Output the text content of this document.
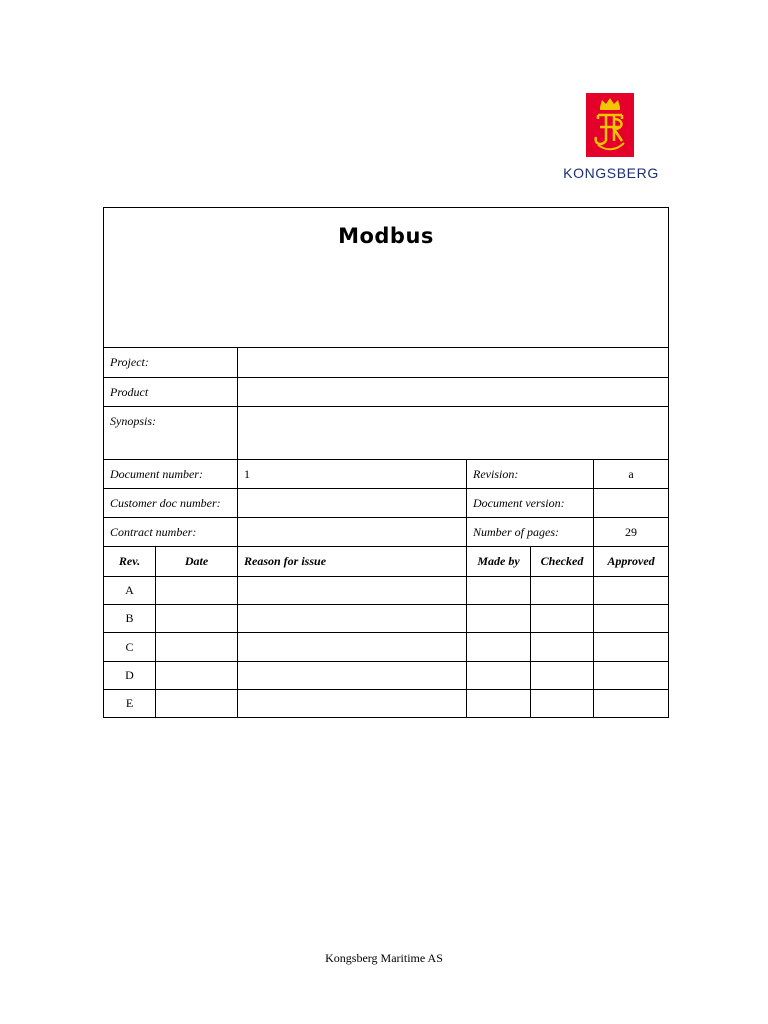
KONGSBERG
Modbus					
Project:					
Product					
Synopsis:					
Document number:		1	Revision:		a
Customer doc number:			Document version:		
Contract number:			Number of pages:		29
Rev.	Date	Reason for issue	Made by	Checked	Approved
A					
B					
C					
D					
E					
Kongsberg Maritime AS
